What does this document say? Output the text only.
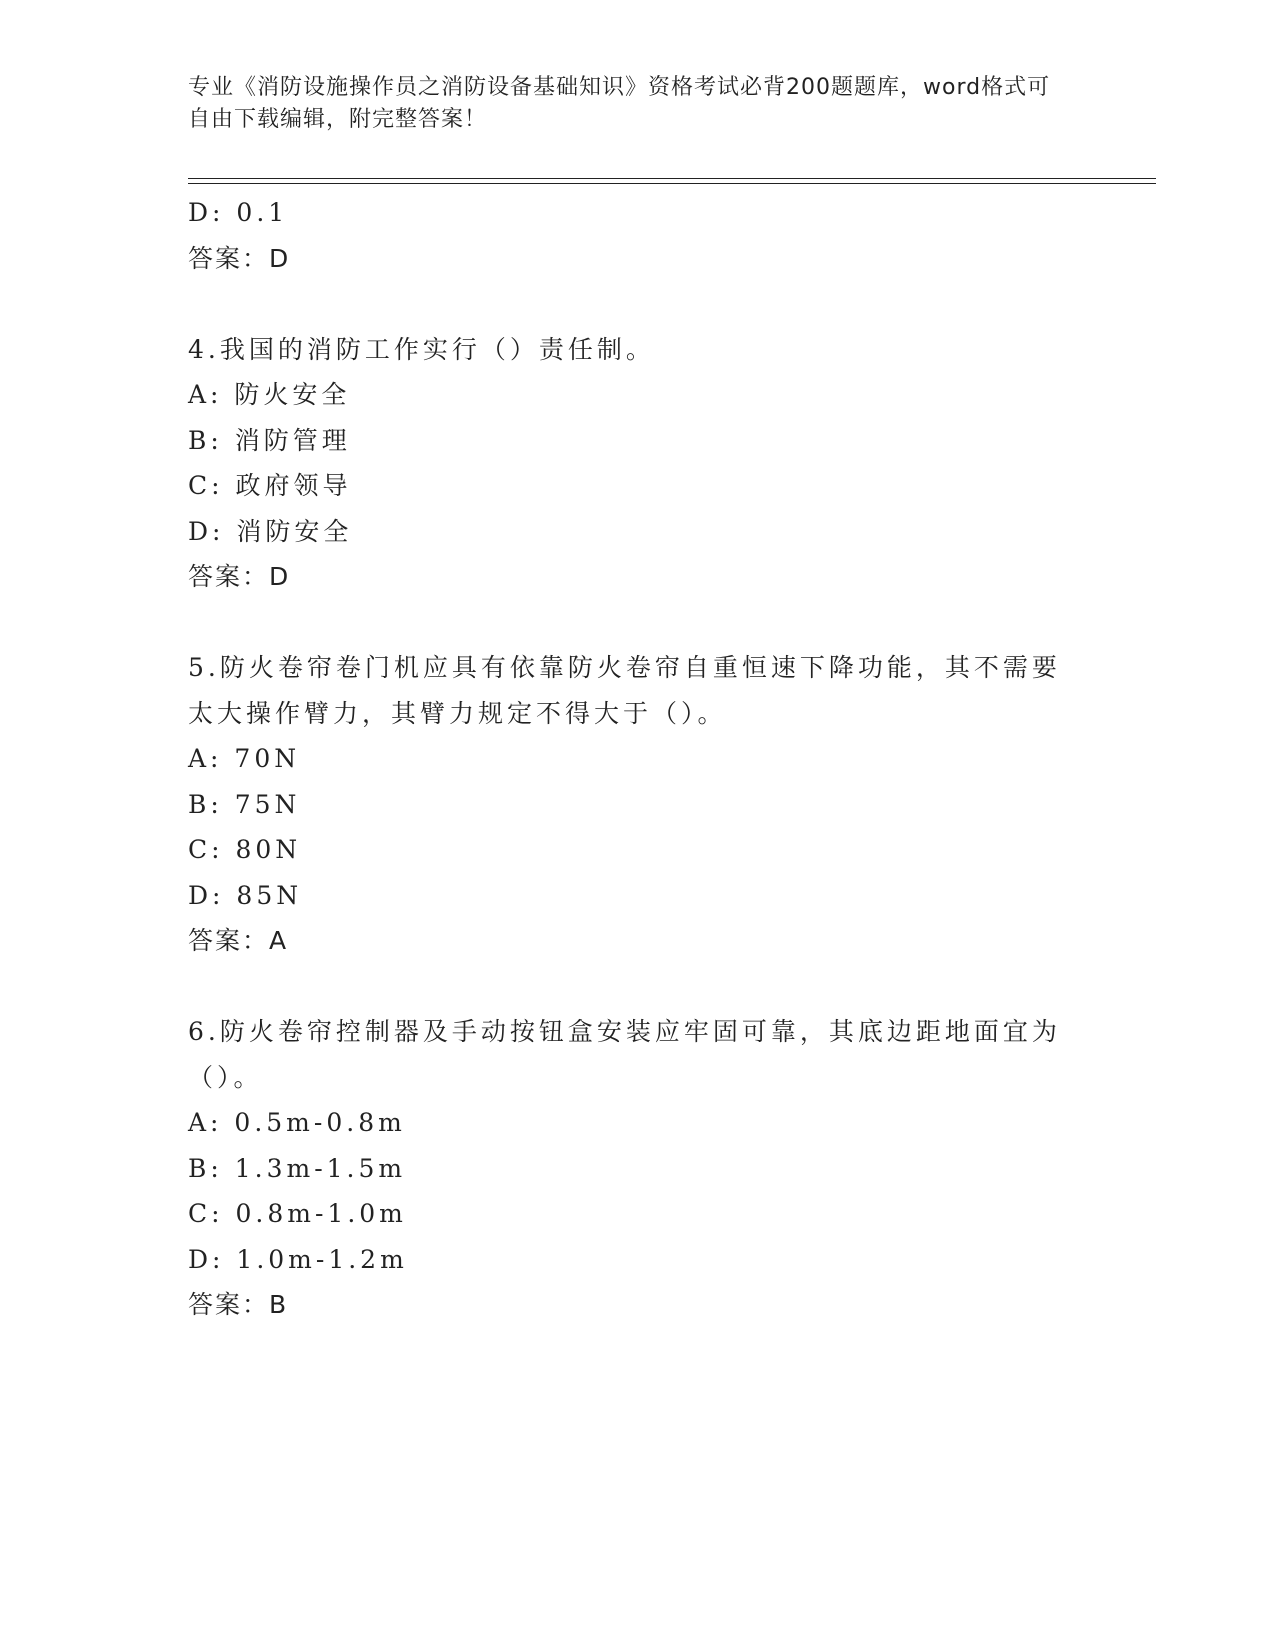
专业《消防设施操作员之消防设备基础知识》资格考试必背200题题库，word格式可自由下载编辑，附完整答案！
D: 0.1
答案：D
4.我国的消防工作实行（）责任制。
A: 防火安全
B: 消防管理
C: 政府领导
D: 消防安全
答案：D
5.防火卷帘卷门机应具有依靠防火卷帘自重恒速下降功能，其不需要太大操作臂力，其臂力规定不得大于（）。
A: 70N
B: 75N
C: 80N
D: 85N
答案：A
6.防火卷帘控制器及手动按钮盒安装应牢固可靠，其底边距地面宜为（）。
A: 0.5m-0.8m
B: 1.3m-1.5m
C: 0.8m-1.0m
D: 1.0m-1.2m
答案：B
